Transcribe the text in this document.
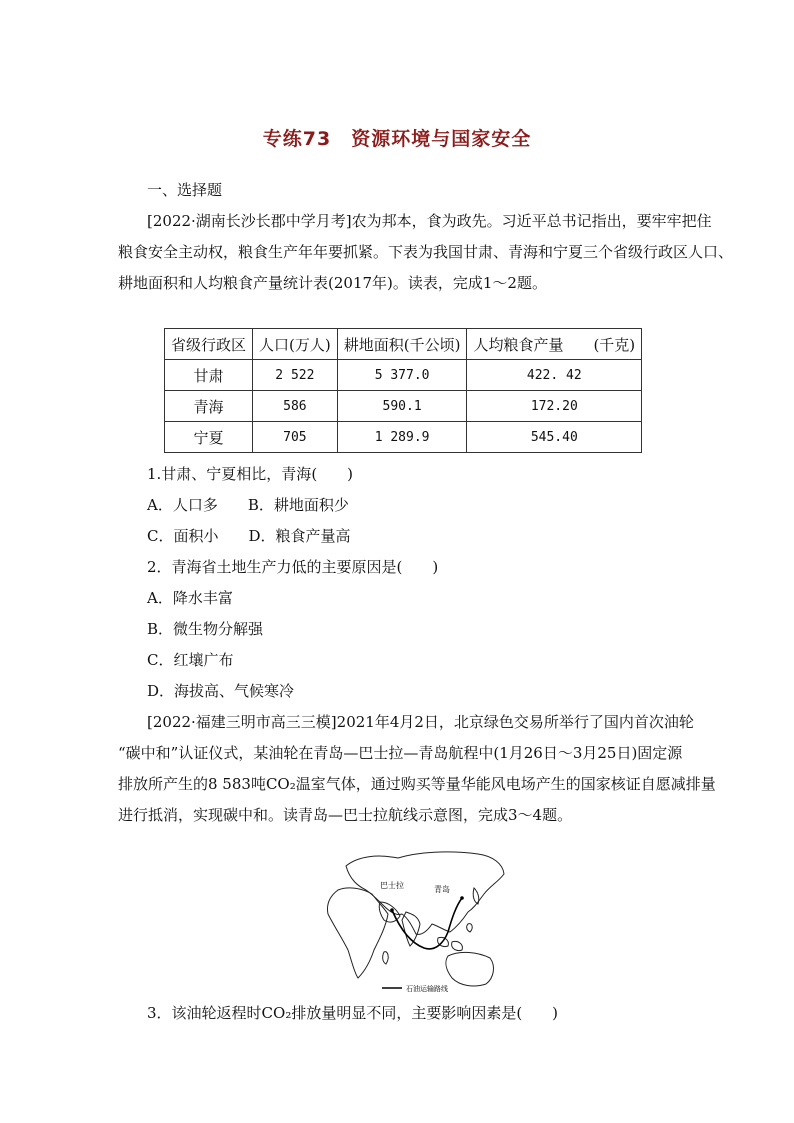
专练73　资源环境与国家安全
一、选择题
[2022·湖南长沙长郡中学月考]农为邦本，食为政先。习近平总书记指出，要牢牢把住
粮食安全主动权，粮食生产年年要抓紧。下表为我国甘肃、青海和宁夏三个省级行政区人口、
耕地面积和人均粮食产量统计表(2017年)。读表，完成1～2题。
省级行政区	人口(万人)	耕地面积(千公顷)	人均粮食产量　　(千克)
甘肃	2 522	5 377.0	422. 42
青海	586	590.1	172.20
宁夏	705	1 289.9	545.40
1.甘肃、宁夏相比，青海(　　)
A．人口多　　B．耕地面积少
C．面积小　　D．粮食产量高
2．青海省土地生产力低的主要原因是(　　)
A．降水丰富
B．微生物分解强
C．红壤广布
D．海拔高、气候寒冷
[2022·福建三明市高三三模]2021年4月2日，北京绿色交易所举行了国内首次油轮
“碳中和”认证仪式，某油轮在青岛—巴士拉—青岛航程中(1月26日～3月25日)固定源
排放所产生的8 583吨CO₂温室气体，通过购买等量华能风电场产生的国家核证自愿减排量
进行抵消，实现碳中和。读青岛—巴士拉航线示意图，完成3～4题。
巴士拉	青岛
石油运输路线
3．该油轮返程时CO₂排放量明显不同，主要影响因素是(　　)
